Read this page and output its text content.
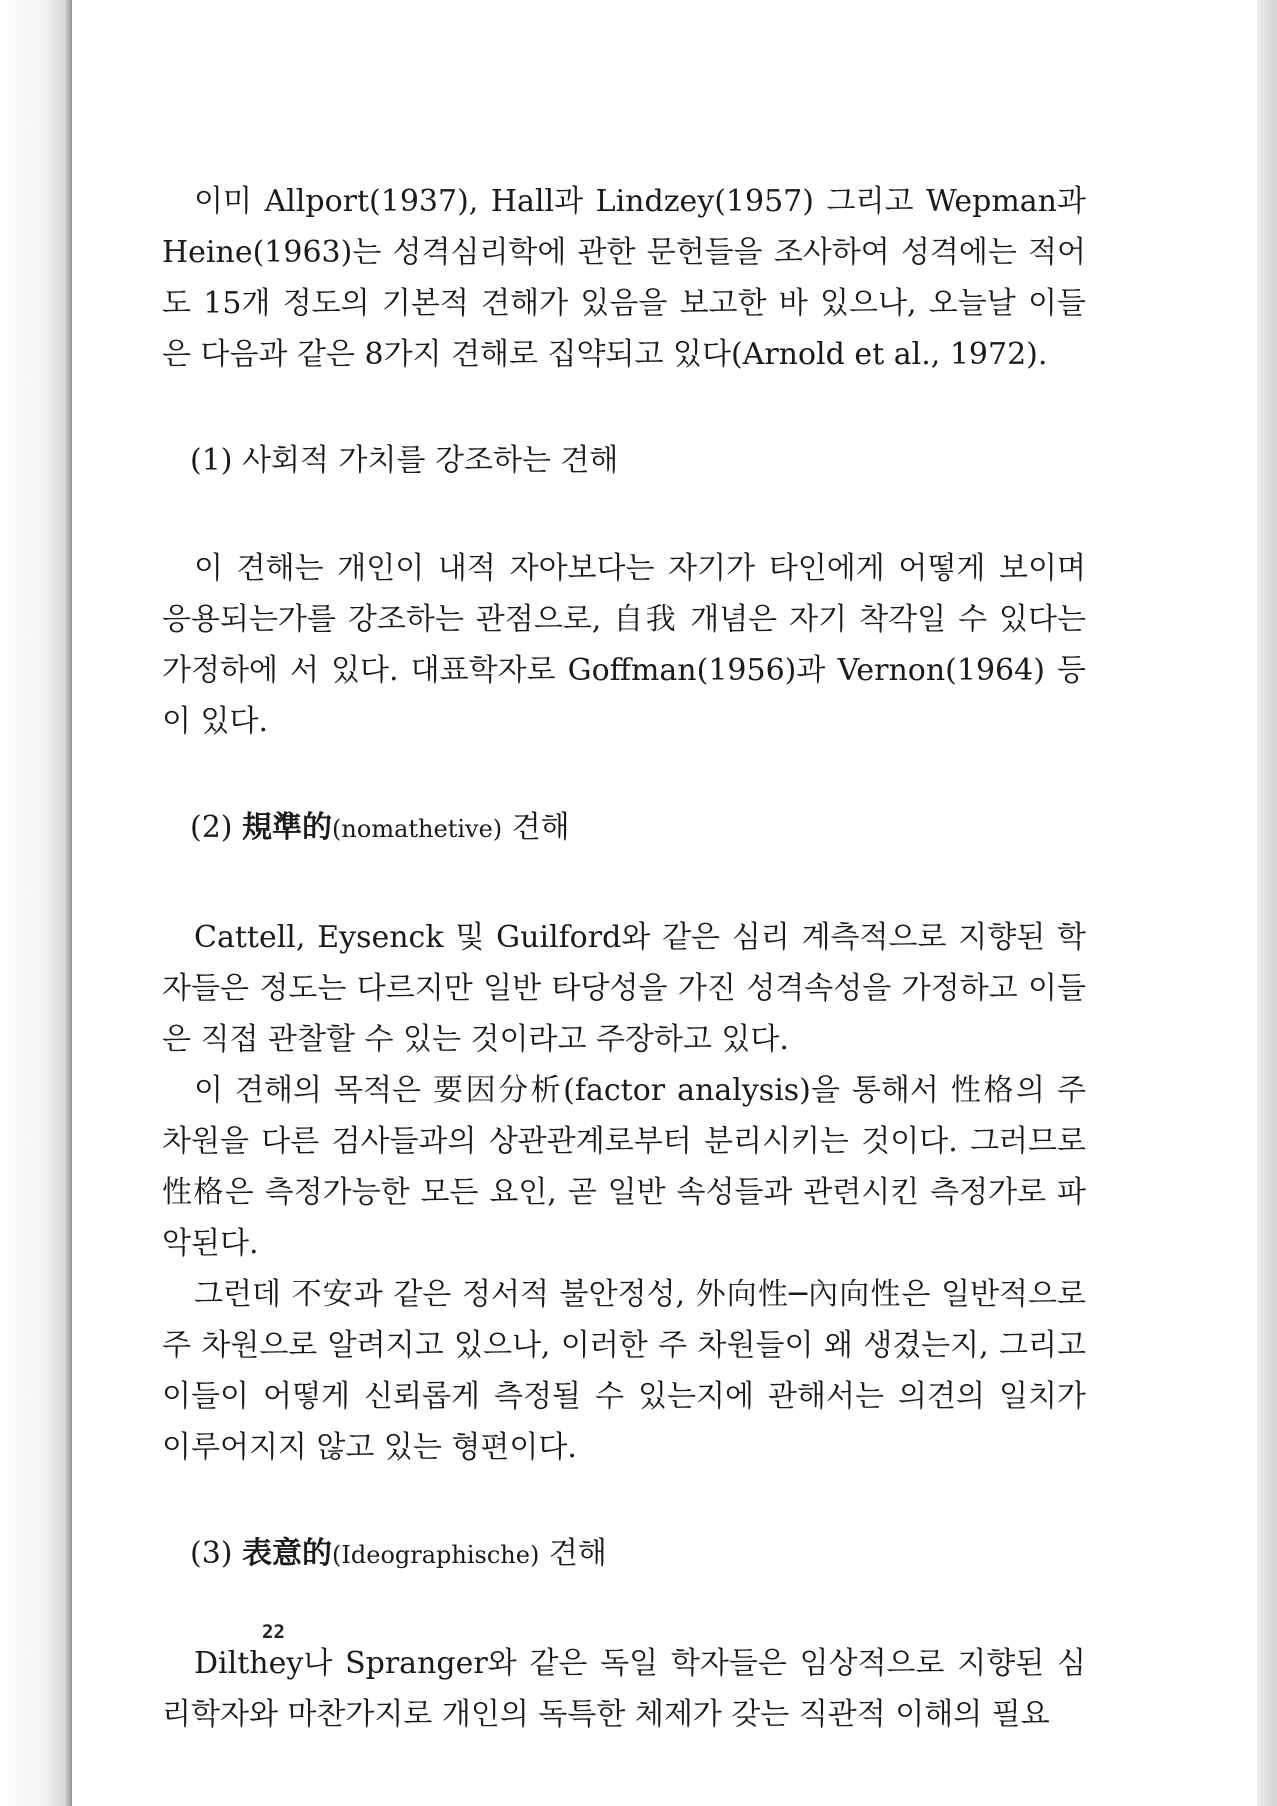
이미 Allport(1937), Hall과 Lindzey(1957) 그리고 Wepman과 Heine(1963)는 성격심리학에 관한 문헌들을 조사하여 성격에는 적어도 15개 정도의 기본적 견해가 있음을 보고한 바 있으나, 오늘날 이들은 다음과 같은 8가지 견해로 집약되고 있다(Arnold et al., 1972).

(1) 사회적 가치를 강조하는 견해

이 견해는 개인이 내적 자아보다는 자기가 타인에게 어떻게 보이며 응용되는가를 강조하는 관점으로, 自我 개념은 자기 착각일 수 있다는 가정하에 서 있다. 대표학자로 Goffman(1956)과 Vernon(1964) 등이 있다.

(2) 規準的(nomathetive) 견해

Cattell, Eysenck 및 Guilford와 같은 심리 계측적으로 지향된 학자들은 정도는 다르지만 일반 타당성을 가진 성격속성을 가정하고 이들은 직접 관찰할 수 있는 것이라고 주장하고 있다.

이 견해의 목적은 要因分析(factor analysis)을 통해서 性格의 주 차원을 다른 검사들과의 상관관계로부터 분리시키는 것이다. 그러므로 性格은 측정가능한 모든 요인, 곧 일반 속성들과 관련시킨 측정가로 파악된다.

그런데 不安과 같은 정서적 불안정성, 外向性─內向性은 일반적으로 주 차원으로 알려지고 있으나, 이러한 주 차원들이 왜 생겼는지, 그리고 이들이 어떻게 신뢰롭게 측정될 수 있는지에 관해서는 의견의 일치가 이루어지지 않고 있는 형편이다.

(3) 表意的(Ideographische) 견해

Dilthey나 Spranger와 같은 독일 학자들은 임상적으로 지향된 심리학자와 마찬가지로 개인의 독특한 체제가 갖는 직관적 이해의 필요

22
